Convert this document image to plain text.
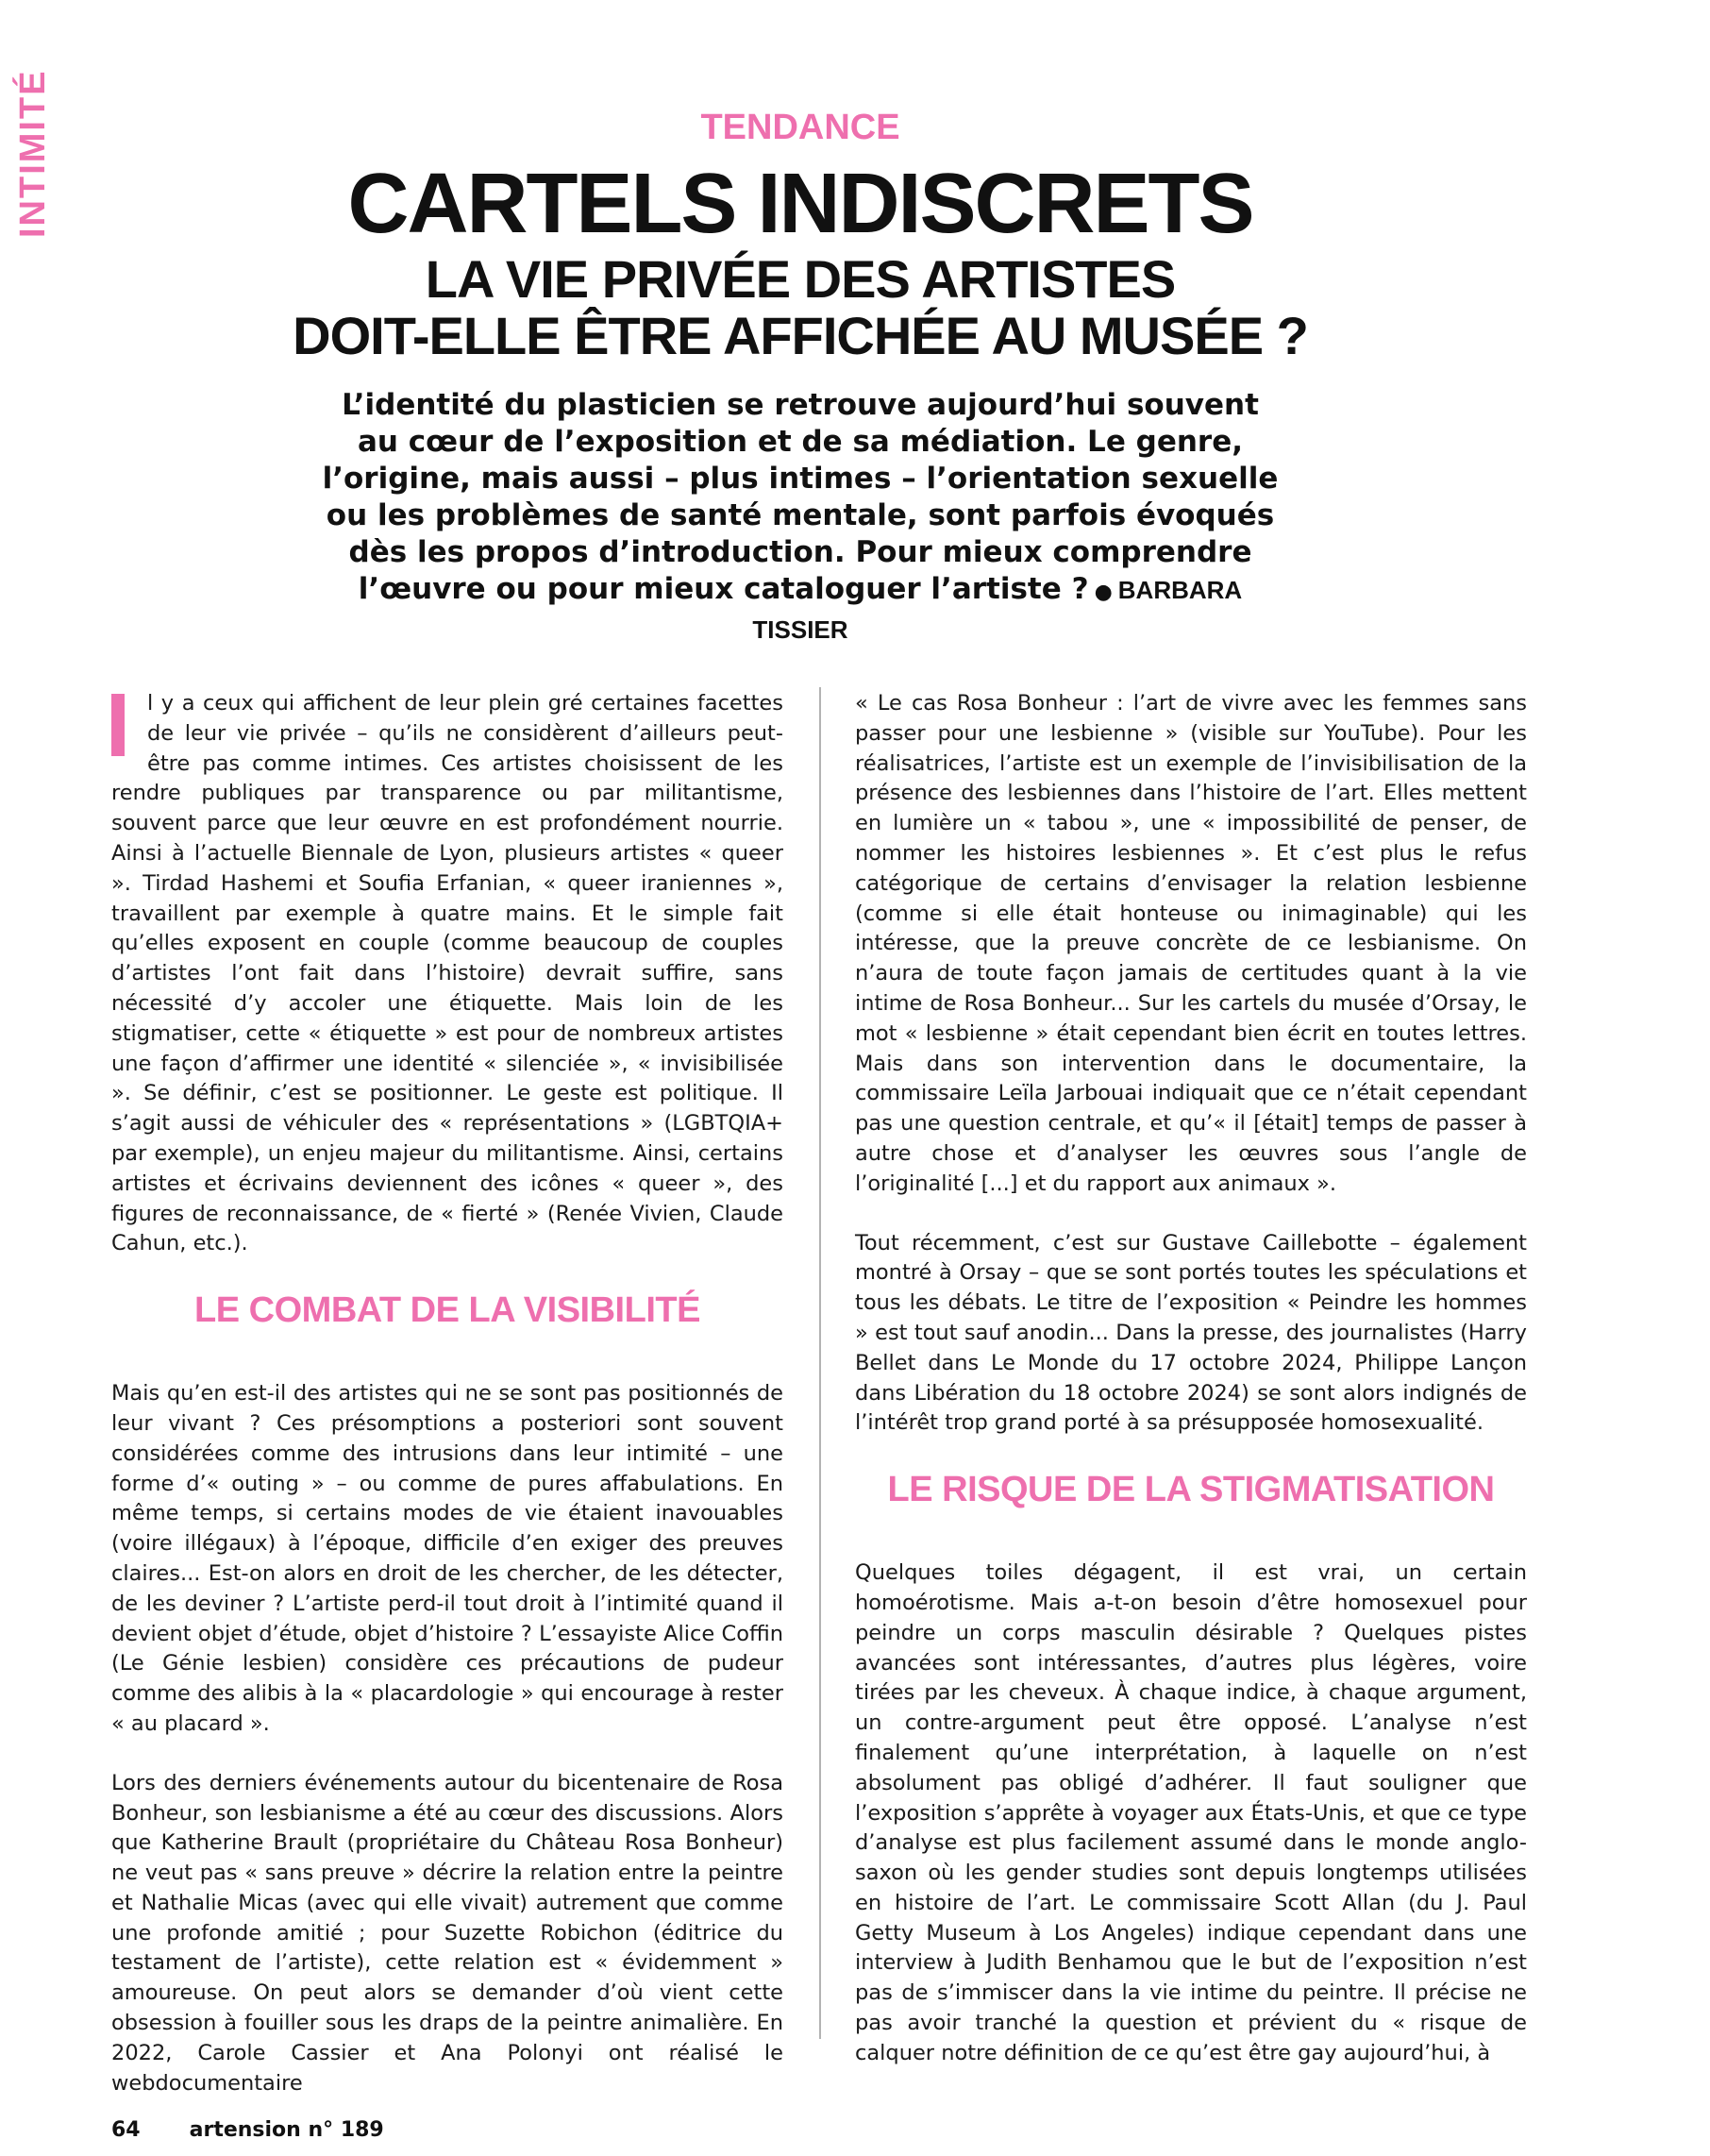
INTIMITÉ	TENDANCE
CARTELS INDISCRETS
LA VIE PRIVÉE DES ARTISTES
DOIT-ELLE ÊTRE AFFICHÉE AU MUSÉE ?

L’identité du plasticien se retrouve aujourd’hui souvent au cœur de l’exposition et de sa médiation. Le genre, l’origine, mais aussi – plus intimes – l’orientation sexuelle ou les problèmes de santé mentale, sont parfois évoqués dès les propos d’introduction. Pour mieux comprendre l’œuvre ou pour mieux cataloguer l’artiste ? ● BARBARA TISSIER

l y a ceux qui affichent de leur plein gré certaines facettes de leur vie privée – qu’ils ne considèrent d’ailleurs peut-être pas comme intimes. Ces artistes choisissent de les rendre publiques par transparence ou par militantisme, souvent parce que leur œuvre en est profondément nourrie. Ainsi à l’actuelle Biennale de Lyon, plusieurs artistes « queer ». Tirdad Hashemi et Soufia Erfanian, « queer iraniennes », travaillent par exemple à quatre mains. Et le simple fait qu’elles exposent en couple (comme beaucoup de couples d’artistes l’ont fait dans l’histoire) devrait suffire, sans nécessité d’y accoler une étiquette. Mais loin de les stigmatiser, cette « étiquette » est pour de nombreux artistes une façon d’affirmer une identité « silenciée », « invisibilisée ». Se définir, c’est se positionner. Le geste est politique. Il s’agit aussi de véhiculer des « représentations » (LGBTQIA+ par exemple), un enjeu majeur du militantisme. Ainsi, certains artistes et écrivains deviennent des icônes « queer », des figures de reconnaissance, de « fierté » (Renée Vivien, Claude Cahun, etc.).

LE COMBAT DE LA VISIBILITÉ

Mais qu’en est-il des artistes qui ne se sont pas positionnés de leur vivant ? Ces présomptions a posteriori sont souvent considérées comme des intrusions dans leur intimité – une forme d’« outing » – ou comme de pures affabulations. En même temps, si certains modes de vie étaient inavouables (voire illégaux) à l’époque, difficile d’en exiger des preuves claires... Est-on alors en droit de les chercher, de les détecter, de les deviner ? L’artiste perd-il tout droit à l’intimité quand il devient objet d’étude, objet d’histoire ? L’essayiste Alice Coffin (Le Génie lesbien) considère ces précautions de pudeur comme des alibis à la « placardologie » qui encourage à rester « au placard ».

Lors des derniers événements autour du bicentenaire de Rosa Bonheur, son lesbianisme a été au cœur des discussions. Alors que Katherine Brault (propriétaire du Château Rosa Bonheur) ne veut pas « sans preuve » décrire la relation entre la peintre et Nathalie Micas (avec qui elle vivait) autrement que comme une profonde amitié ; pour Suzette Robichon (éditrice du testament de l’artiste), cette relation est « évidemment » amoureuse. On peut alors se demander d’où vient cette obsession à fouiller sous les draps de la peintre animalière. En 2022, Carole Cassier et Ana Polonyi ont réalisé le webdocumentaire

« Le cas Rosa Bonheur : l’art de vivre avec les femmes sans passer pour une lesbienne » (visible sur YouTube). Pour les réalisatrices, l’artiste est un exemple de l’invisibilisation de la présence des lesbiennes dans l’histoire de l’art. Elles mettent en lumière un « tabou », une « impossibilité de penser, de nommer les histoires lesbiennes ». Et c’est plus le refus catégorique de certains d’envisager la relation lesbienne (comme si elle était honteuse ou inimaginable) qui les intéresse, que la preuve concrète de ce lesbianisme. On n’aura de toute façon jamais de certitudes quant à la vie intime de Rosa Bonheur... Sur les cartels du musée d’Orsay, le mot « lesbienne » était cependant bien écrit en toutes lettres. Mais dans son intervention dans le documentaire, la commissaire Leïla Jarbouai indiquait que ce n’était cependant pas une question centrale, et qu’« il [était] temps de passer à autre chose et d’analyser les œuvres sous l’angle de l’originalité [...] et du rapport aux animaux ».

Tout récemment, c’est sur Gustave Caillebotte – également montré à Orsay – que se sont portés toutes les spéculations et tous les débats. Le titre de l’exposition « Peindre les hommes » est tout sauf anodin... Dans la presse, des journalistes (Harry Bellet dans Le Monde du 17 octobre 2024, Philippe Lançon dans Libération du 18 octobre 2024) se sont alors indignés de l’intérêt trop grand porté à sa présupposée homosexualité.

LE RISQUE DE LA STIGMATISATION

Quelques toiles dégagent, il est vrai, un certain homoérotisme. Mais a-t-on besoin d’être homosexuel pour peindre un corps masculin désirable ? Quelques pistes avancées sont intéressantes, d’autres plus légères, voire tirées par les cheveux. À chaque indice, à chaque argument, un contre-argument peut être opposé. L’analyse n’est finalement qu’une interprétation, à laquelle on n’est absolument pas obligé d’adhérer. Il faut souligner que l’exposition s’apprête à voyager aux États-Unis, et que ce type d’analyse est plus facilement assumé dans le monde anglo-saxon où les gender studies sont depuis longtemps utilisées en histoire de l’art. Le commissaire Scott Allan (du J. Paul Getty Museum à Los Angeles) indique cependant dans une interview à Judith Benhamou que le but de l’exposition n’est pas de s’immiscer dans la vie intime du peintre. Il précise ne pas avoir tranché la question et prévient du « risque de calquer notre définition de ce qu’est être gay aujourd’hui, à

64 artension n° 189
